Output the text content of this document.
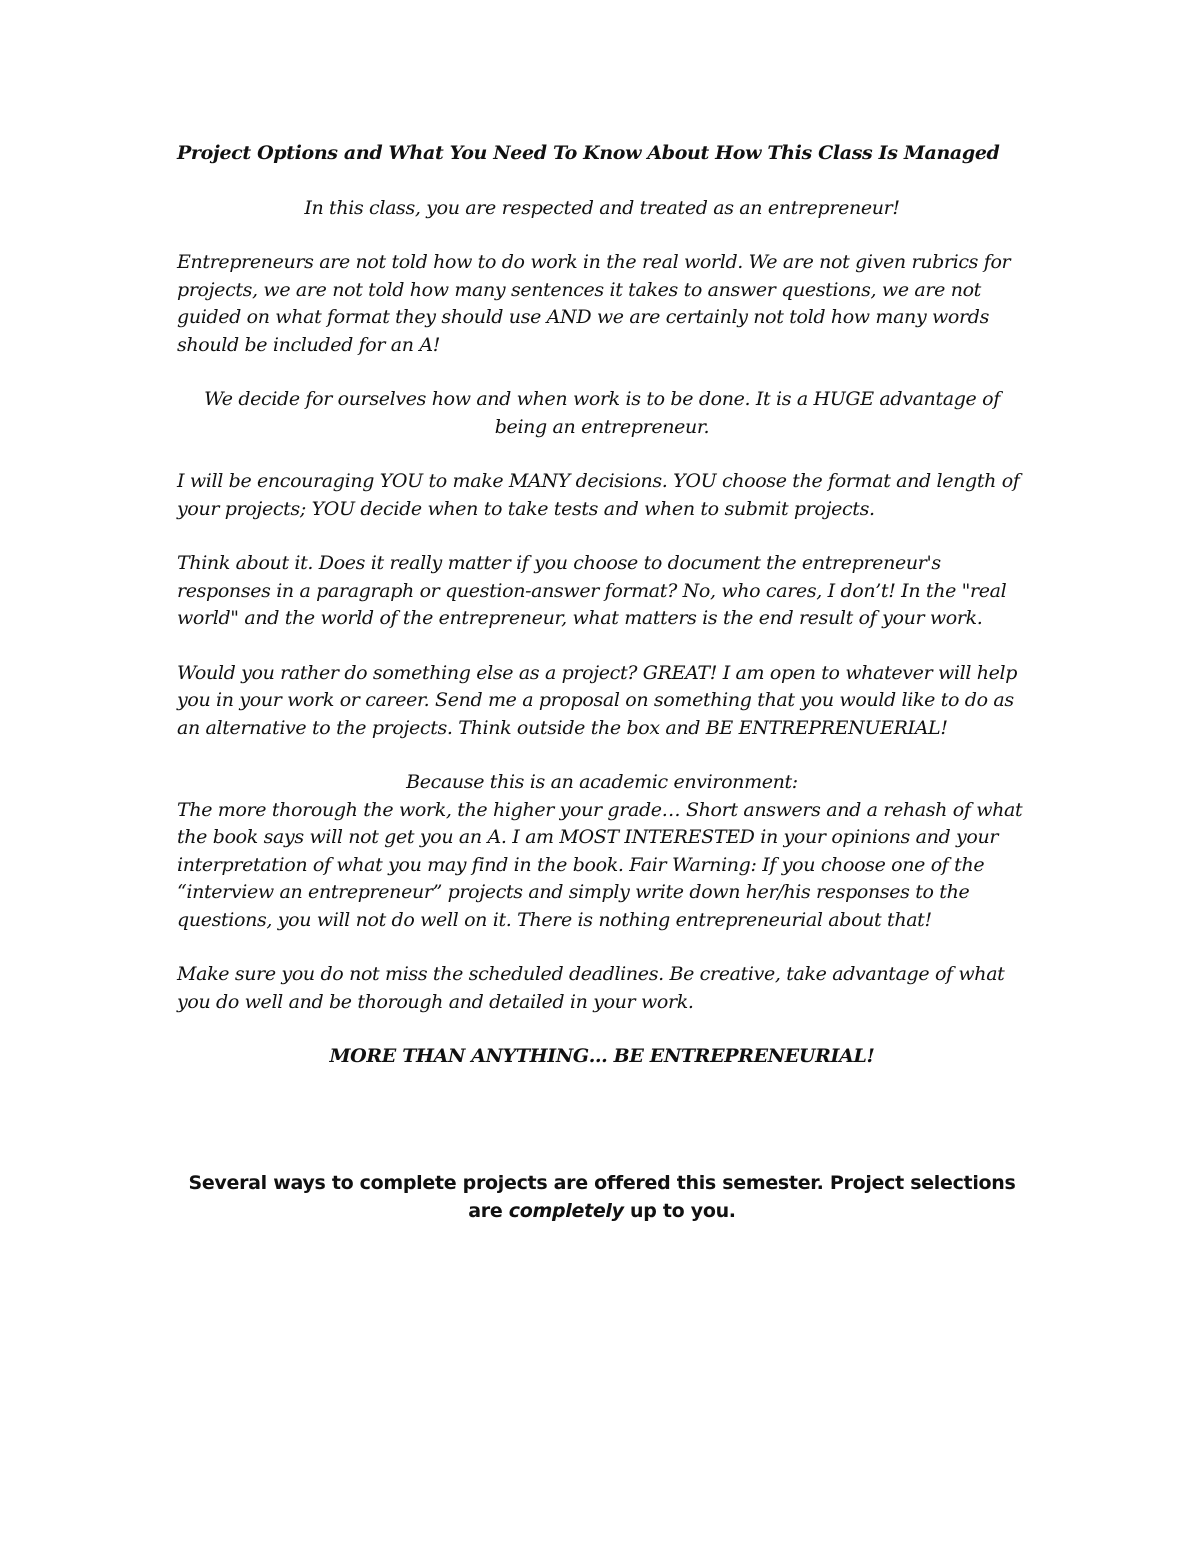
Project Options and What You Need To Know About How This Class Is Managed

In this class, you are respected and treated as an entrepreneur!

Entrepreneurs are not told how to do work in the real world. We are not given rubrics for projects, we are not told how many sentences it takes to answer questions, we are not guided on what format they should use AND we are certainly not told how many words should be included for an A!

We decide for ourselves how and when work is to be done. It is a HUGE advantage of being an entrepreneur.

I will be encouraging YOU to make MANY decisions. YOU choose the format and length of your projects; YOU decide when to take tests and when to submit projects.

Think about it. Does it really matter if you choose to document the entrepreneur's responses in a paragraph or question-answer format? No, who cares, I don’t! In the "real world" and the world of the entrepreneur, what matters is the end result of your work.

Would you rather do something else as a project? GREAT! I am open to whatever will help you in your work or career. Send me a proposal on something that you would like to do as an alternative to the projects. Think outside the box and BE ENTREPRENUERIAL!

Because this is an academic environment:

The more thorough the work, the higher your grade… Short answers and a rehash of what the book says will not get you an A. I am MOST INTERESTED in your opinions and your interpretation of what you may find in the book. Fair Warning: If you choose one of the “interview an entrepreneur” projects and simply write down her/his responses to the questions, you will not do well on it. There is nothing entrepreneurial about that!

Make sure you do not miss the scheduled deadlines. Be creative, take advantage of what you do well and be thorough and detailed in your work.

MORE THAN ANYTHING… BE ENTREPRENEURIAL!

Several ways to complete projects are offered this semester. Project selections are completely up to you.
